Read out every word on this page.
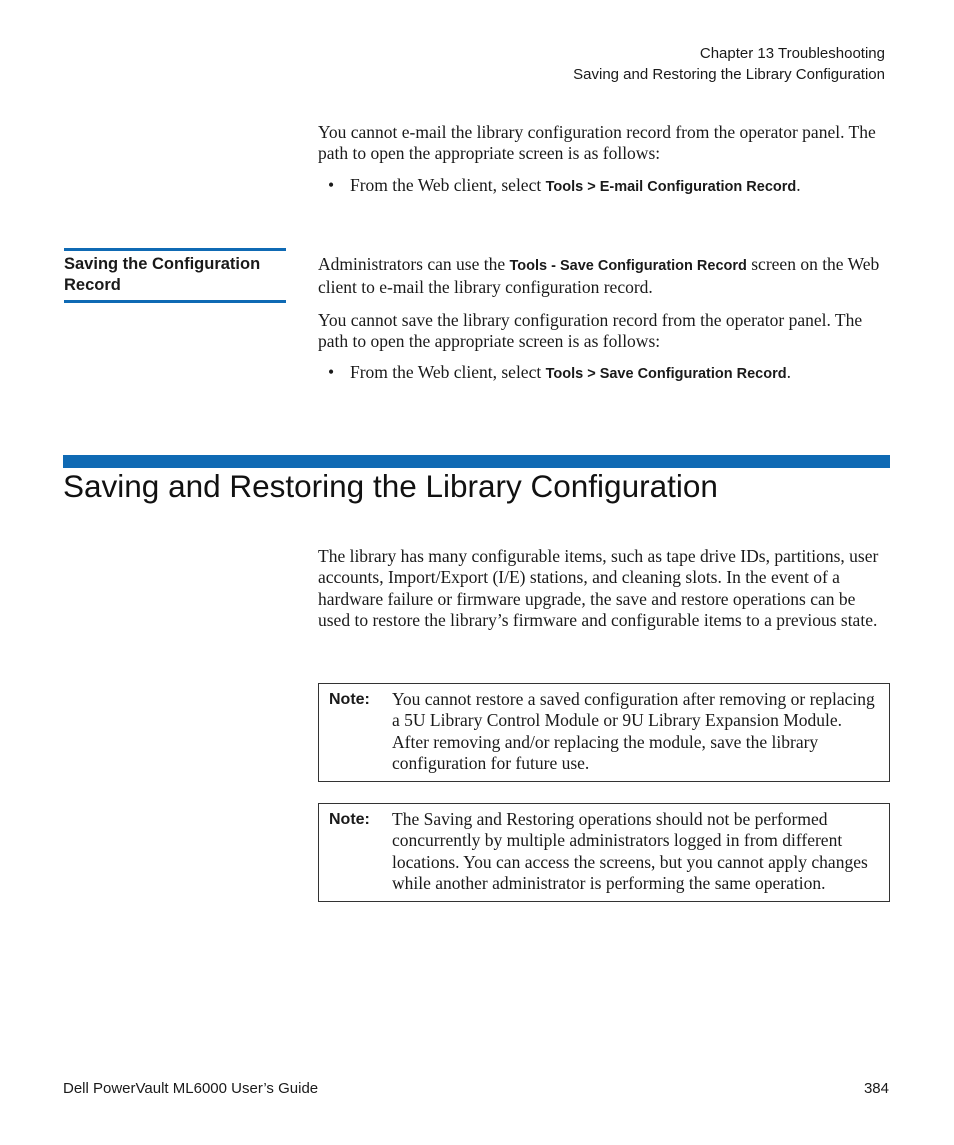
Chapter 13 Troubleshooting
Saving and Restoring the Library Configuration

You cannot e-mail the library configuration record from the operator panel. The path to open the appropriate screen is as follows:

• From the Web client, select Tools > E-mail Configuration Record.
Saving the Configuration Record

Administrators can use the Tools - Save Configuration Record screen on the Web client to e-mail the library configuration record.

You cannot save the library configuration record from the operator panel. The path to open the appropriate screen is as follows:

• From the Web client, select Tools > Save Configuration Record.
Saving and Restoring the Library Configuration

The library has many configurable items, such as tape drive IDs, partitions, user accounts, Import/Export (I/E) stations, and cleaning slots. In the event of a hardware failure or firmware upgrade, the save and restore operations can be used to restore the library’s firmware and configurable items to a previous state.

Note:	You cannot restore a saved configuration after removing or replacing a 5U Library Control Module or 9U Library Expansion Module. After removing and/or replacing the module, save the library configuration for future use.
Note:	The Saving and Restoring operations should not be performed concurrently by multiple administrators logged in from different locations. You can access the screens, but you cannot apply changes while another administrator is performing the same operation.
Dell PowerVault ML6000 User’s Guide	384
